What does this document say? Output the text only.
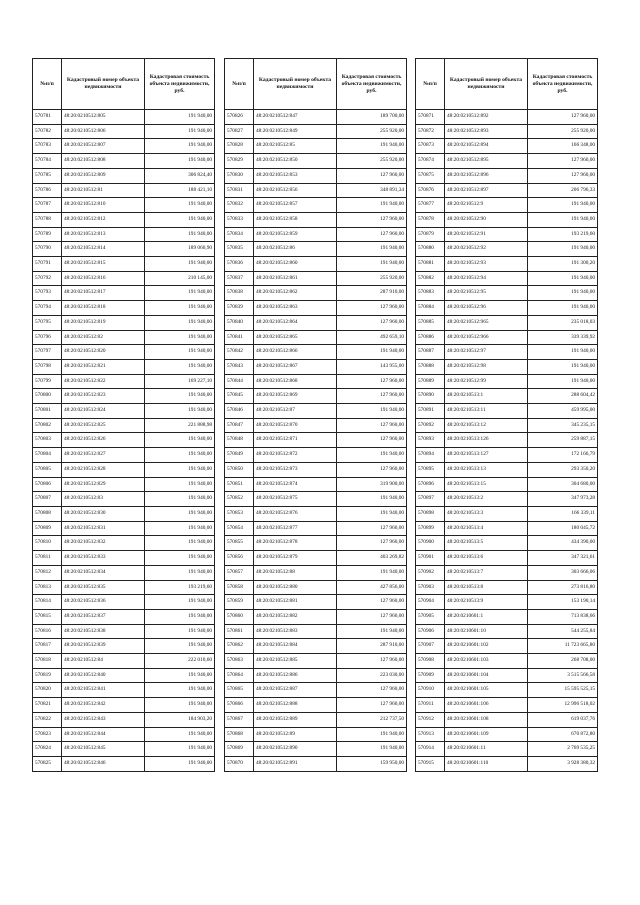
№п/п	Кадастровый номер объекта недвижимости	Кадастровая стоимость объекта недвижимости, руб.
570781	48:20:0210512:805	191 940,00
570782	48:20:0210512:806	191 940,00
570783	48:20:0210512:807	191 940,00
570784	48:20:0210512:808	191 940,00
570785	48:20:0210512:809	306 824,40
570786	48:20:0210512:81	188 421,10
570787	48:20:0210512:810	191 940,00
570788	48:20:0210512:812	191 940,00
570789	48:20:0210512:813	191 940,00
570790	48:20:0210512:814	189 060,90
570791	48:20:0210512:815	191 940,00
570792	48:20:0210512:816	210 145,00
570793	48:20:0210512:817	191 940,00
570794	48:20:0210512:818	191 940,00
570795	48:20:0210512:819	191 940,00
570796	48:20:0210512:82	191 940,00
570797	48:20:0210512:820	191 940,00
570798	48:20:0210512:821	191 940,00
570799	48:20:0210512:822	169 227,10
570800	48:20:0210512:823	191 940,00
570801	48:20:0210512:824	191 940,00
570802	48:20:0210512:825	221 888,98
570803	48:20:0210512:826	191 940,00
570804	48:20:0210512:827	191 940,00
570805	48:20:0210512:828	191 940,00
570806	48:20:0210512:829	191 940,00
570807	48:20:0210512:83	191 940,00
570808	48:20:0210512:830	191 940,00
570809	48:20:0210512:831	191 940,00
570810	48:20:0210512:832	191 940,00
570811	48:20:0210512:833	191 940,00
570812	48:20:0210512:834	191 940,00
570813	48:20:0210512:835	193 219,60
570814	48:20:0210512:836	191 940,00
570815	48:20:0210512:837	191 940,00
570816	48:20:0210512:838	191 940,00
570817	48:20:0210512:839	191 940,00
570818	48:20:0210512:84	222 010,60
570819	48:20:0210512:840	191 940,00
570820	48:20:0210512:841	191 940,00
570821	48:20:0210512:842	191 940,00
570822	48:20:0210512:843	184 903,20
570823	48:20:0210512:844	191 940,00
570824	48:20:0210512:845	191 940,00
570825	48:20:0210512:846	191 940,00
№п/п	Кадастровый номер объекта недвижимости	Кадастровая стоимость объекта недвижимости, руб.
570826	48:20:0210512:847	189 700,00
570827	48:20:0210512:849	255 920,00
570828	48:20:0210512:85	191 940,00
570829	48:20:0210512:850	255 920,00
570830	48:20:0210512:853	127 960,00
570831	48:20:0210512:856	348 891,34
570832	48:20:0210512:857	191 940,00
570833	48:20:0210512:858	127 960,00
570834	48:20:0210512:859	127 960,00
570835	48:20:0210512:86	191 940,00
570836	48:20:0210512:860	191 940,00
570837	48:20:0210512:861	255 920,00
570838	48:20:0210512:862	287 910,00
570839	48:20:0210512:863	127 960,00
570840	48:20:0210512:864	127 960,00
570841	48:20:0210512:865	492 659,10
570842	48:20:0210512:866	191 940,00
570843	48:20:0210512:867	143 955,00
570844	48:20:0210512:868	127 960,00
570845	48:20:0210512:869	127 960,00
570846	48:20:0210512:87	191 940,00
570847	48:20:0210512:870	127 960,00
570848	48:20:0210512:871	127 960,00
570849	48:20:0210512:872	191 940,00
570850	48:20:0210512:873	127 960,00
570851	48:20:0210512:874	319 900,00
570852	48:20:0210512:875	191 940,00
570853	48:20:0210512:876	191 940,00
570854	48:20:0210512:877	127 960,00
570855	48:20:0210512:878	127 960,00
570856	48:20:0210512:879	403 269,82
570857	48:20:0210512:88	191 940,00
570858	48:20:0210512:880	427 856,00
570859	48:20:0210512:881	127 960,00
570860	48:20:0210512:882	127 960,00
570861	48:20:0210512:883	191 940,00
570862	48:20:0210512:884	287 910,00
570863	48:20:0210512:885	127 960,00
570864	48:20:0210512:886	223 030,00
570865	48:20:0210512:887	127 960,00
570866	48:20:0210512:888	127 960,00
570867	48:20:0210512:889	212 737,50
570868	48:20:0210512:89	191 940,00
570869	48:20:0210512:890	191 940,00
570870	48:20:0210512:891	159 950,00
№п/п	Кадастровый номер объекта недвижимости	Кадастровая стоимость объекта недвижимости, руб.
570871	48:20:0210512:892	127 960,00
570872	48:20:0210512:893	255 920,00
570873	48:20:0210512:894	166 348,00
570874	48:20:0210512:895	127 960,00
570875	48:20:0210512:896	127 960,00
570876	48:20:0210512:897	206 796,33
570877	48:20:0210512:9	191 940,00
570878	48:20:0210512:90	191 940,00
570879	48:20:0210512:91	193 219,60
570880	48:20:0210512:92	191 940,00
570881	48:20:0210512:93	191 300,20
570882	48:20:0210512:94	191 940,00
570883	48:20:0210512:95	191 940,00
570884	48:20:0210512:96	191 940,00
570885	48:20:0210512:965	235 018,03
570886	48:20:0210512:966	339 339,92
570887	48:20:0210512:97	191 940,00
570888	48:20:0210512:98	191 940,00
570889	48:20:0210512:99	191 940,00
570890	48:20:0210513:1	288 604,42
570891	48:20:0210513:11	459 995,00
570892	48:20:0210513:12	345 235,15
570893	48:20:0210513:126	259 887,15
570894	48:20:0210513:127	172 166,79
570895	48:20:0210513:13	293 350,20
570896	48:20:0210513:15	304 680,00
570897	48:20:0210513:2	347 973,28
570898	48:20:0210513:3	166 339,11
570899	48:20:0210513:4	180 045,72
570900	48:20:0210513:5	434 390,00
570901	48:20:0210513:6	347 321,61
570902	48:20:0210513:7	303 666,06
570903	48:20:0210513:8	273 816,80
570904	48:20:0210513:9	153 190,14
570905	48:20:0210601:1	713 838,66
570906	48:20:0210601:10	544 255,84
570907	48:20:0210601:102	11 723 665,80
570908	48:20:0210601:103	268 708,00
570909	48:20:0210601:104	3 515 566,58
570910	48:20:0210601:105	15 595 525,15
570911	48:20:0210601:106	12 996 518,02
570912	48:20:0210601:108	619 037,76
570913	48:20:0210601:109	670 872,80
570914	48:20:0210601:11	2 769 535,25
570915	48:20:0210601:110	3 928 380,32
